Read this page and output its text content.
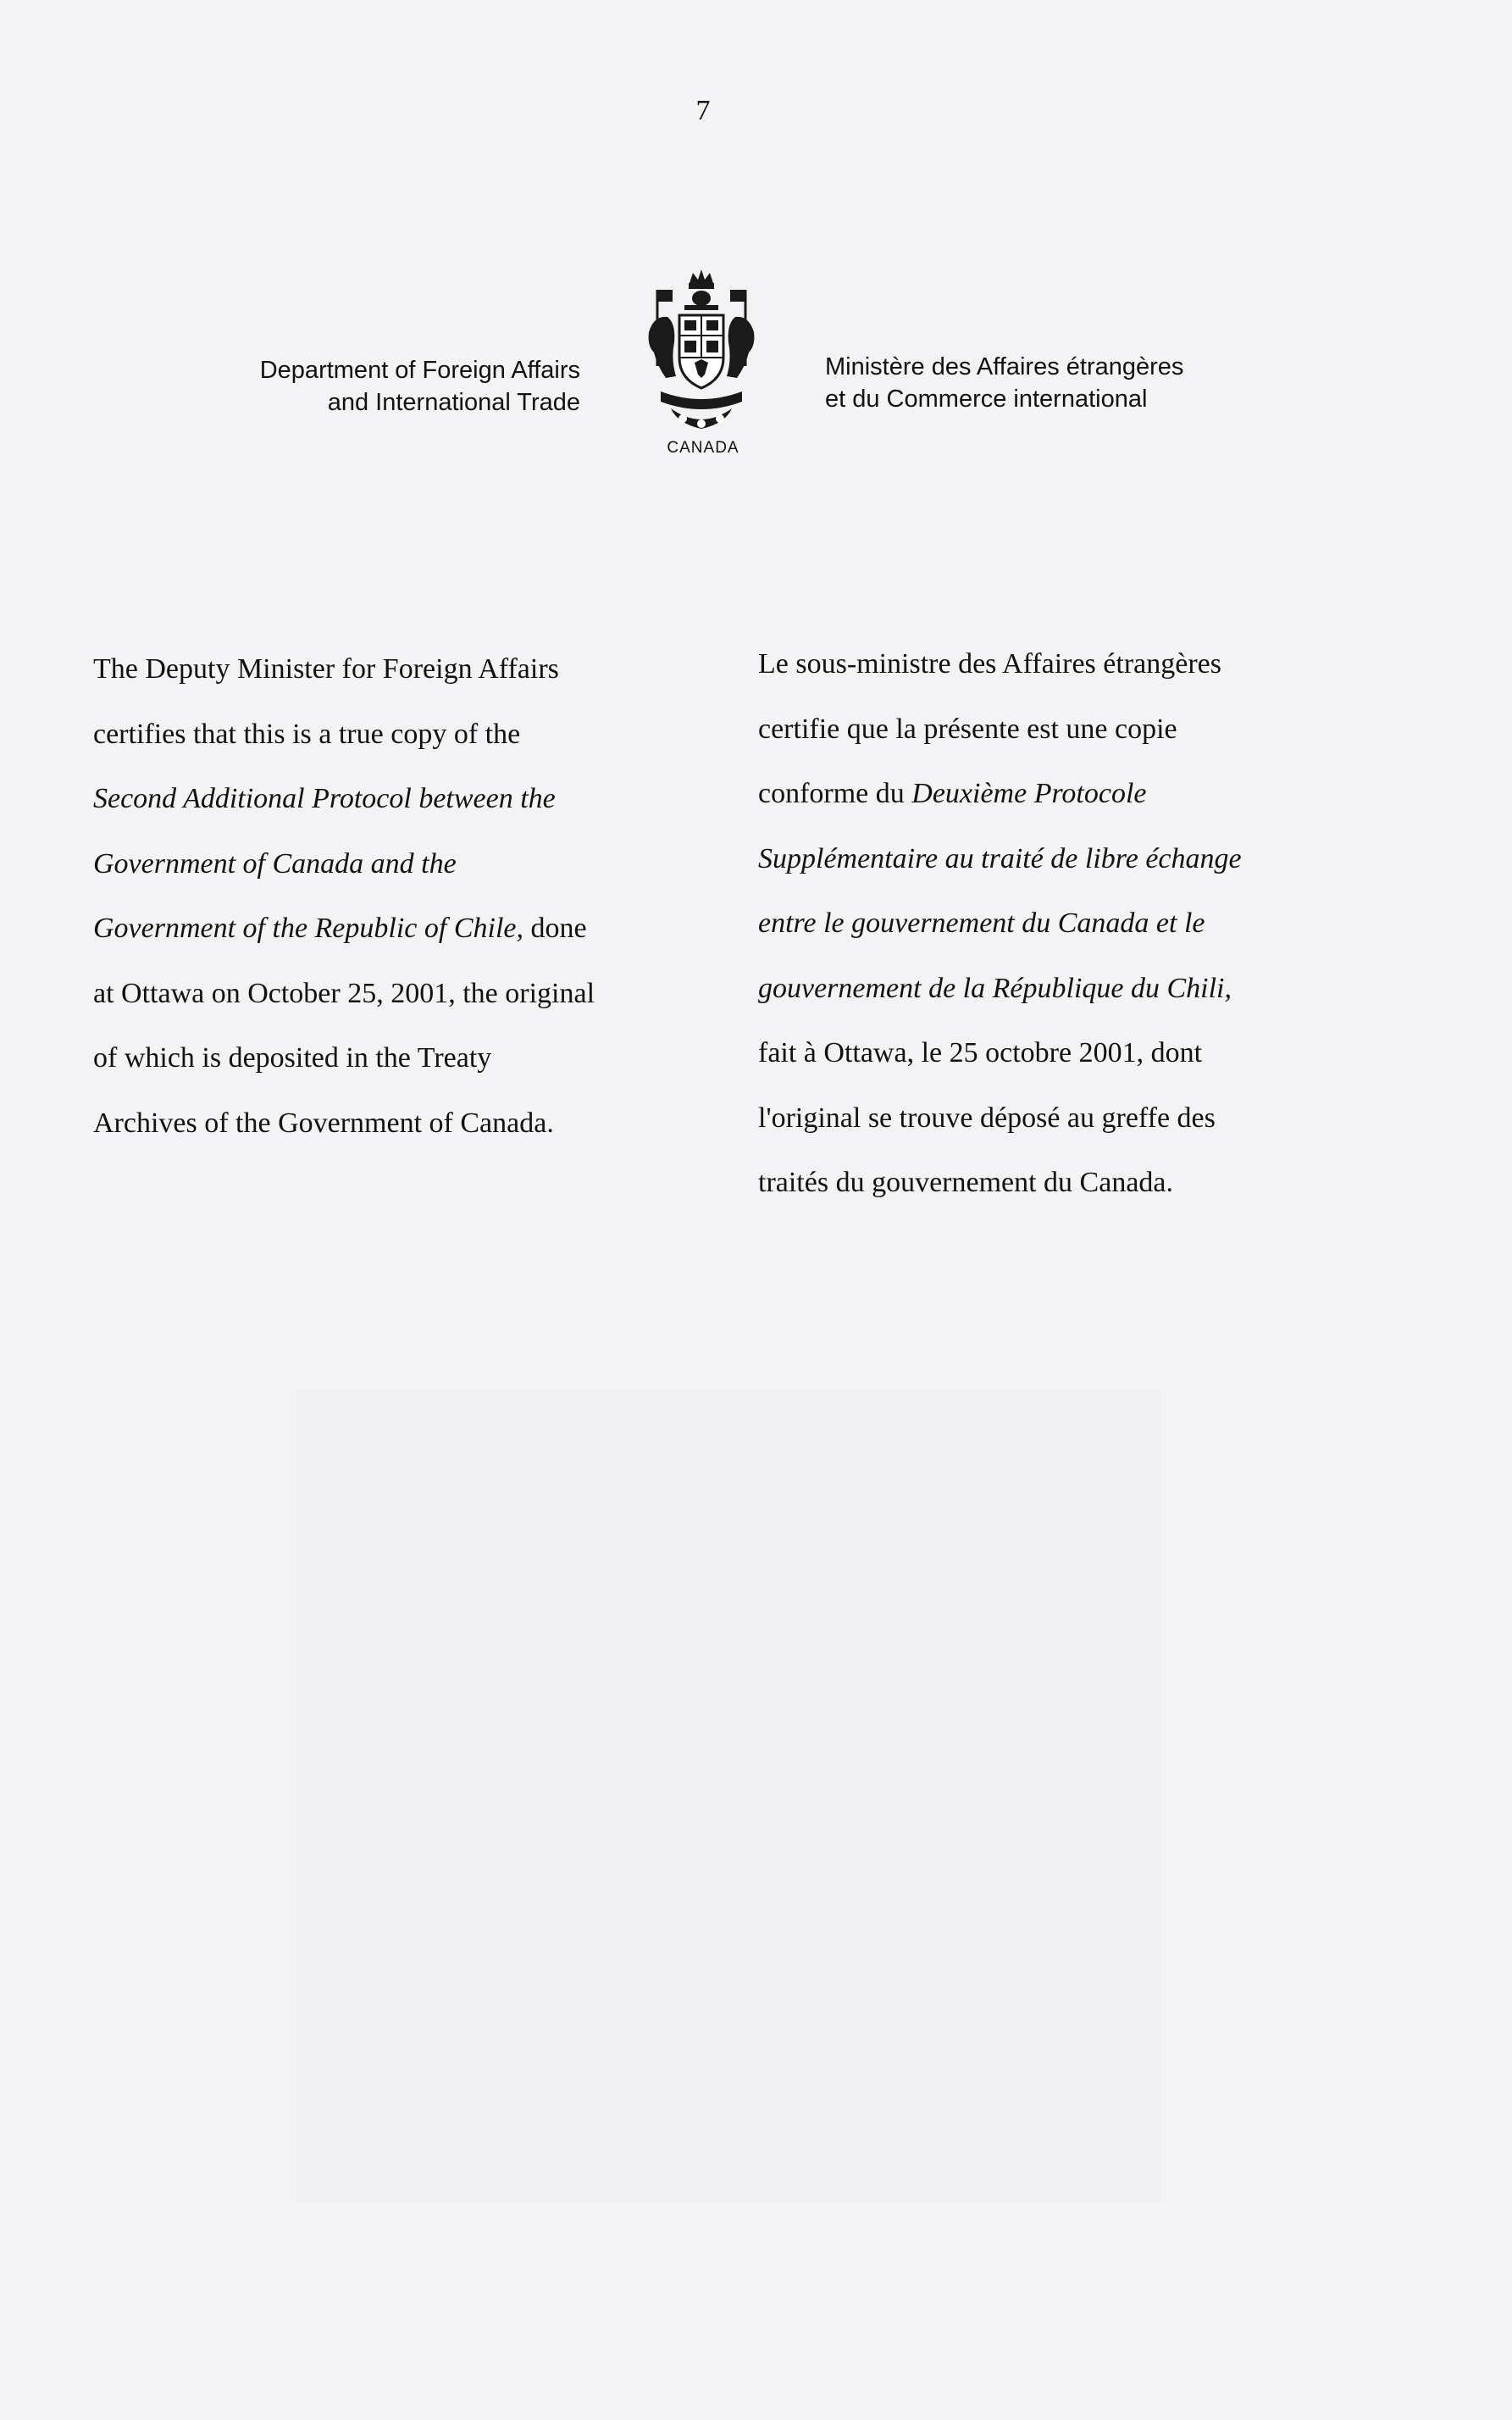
7
Department of Foreign Affairs
and International Trade
CANADA
Ministère des Affaires étrangères
et du Commerce international
The Deputy Minister for Foreign Affairs
certifies that this is a true copy of the
Second Additional Protocol between the
Government of Canada and the
Government of the Republic of Chile, done
at Ottawa on October 25, 2001, the original
of which is deposited in the Treaty
Archives of the Government of Canada.
Le sous-ministre des Affaires étrangères
certifie que la présente est une copie
conforme du Deuxième Protocole
Supplémentaire au traité de libre échange
entre le gouvernement du Canada et le
gouvernement de la République du Chili,
fait à Ottawa, le 25 octobre 2001, dont
l'original se trouve déposé au greffe des
traités du gouvernement du Canada.
